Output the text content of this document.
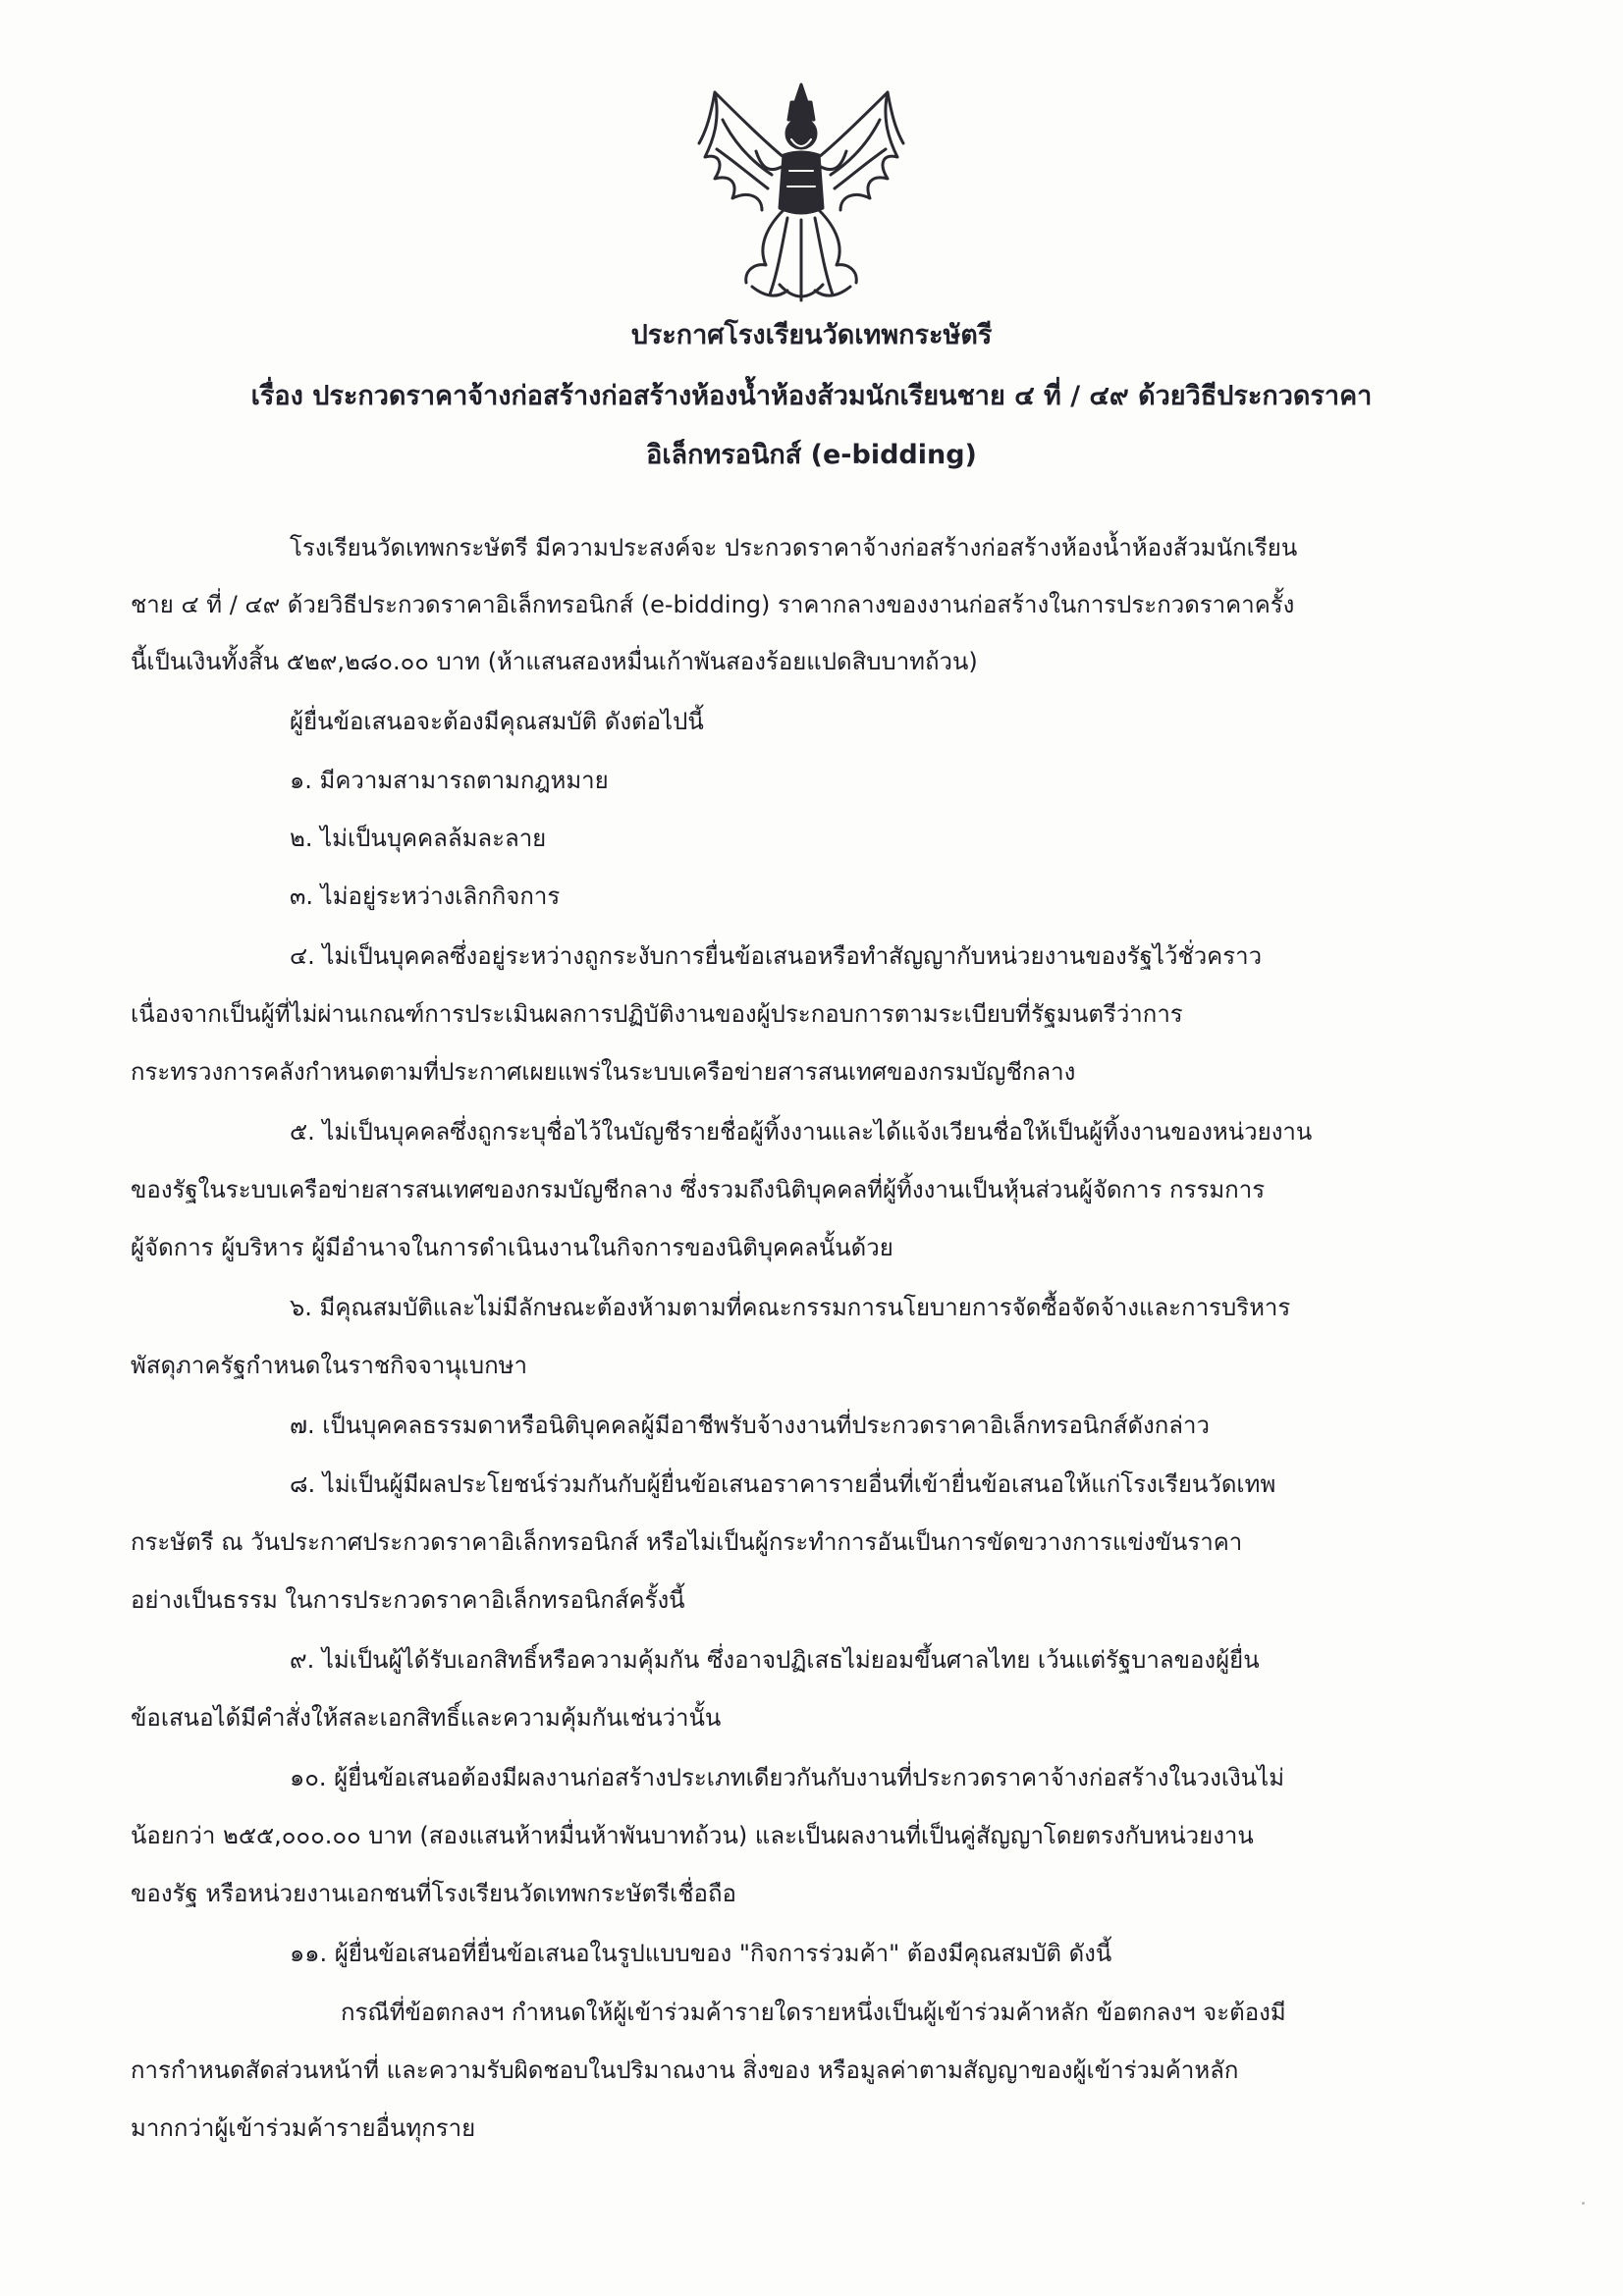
ประกาศโรงเรียนวัดเทพกระษัตรี
เรื่อง ประกวดราคาจ้างก่อสร้างก่อสร้างห้องน้ำห้องส้วมนักเรียนชาย ๔ ที่ / ๔๙ ด้วยวิธีประกวดราคา
อิเล็กทรอนิกส์ (e-bidding)
โรงเรียนวัดเทพกระษัตรี มีความประสงค์จะ ประกวดราคาจ้างก่อสร้างก่อสร้างห้องน้ำห้องส้วมนักเรียน
ชาย ๔ ที่ / ๔๙ ด้วยวิธีประกวดราคาอิเล็กทรอนิกส์ (e-bidding) ราคากลางของงานก่อสร้างในการประกวดราคาครั้ง
นี้เป็นเงินทั้งสิ้น ๕๒๙,๒๘๐.๐๐ บาท (ห้าแสนสองหมื่นเก้าพันสองร้อยแปดสิบบาทถ้วน)
ผู้ยื่นข้อเสนอจะต้องมีคุณสมบัติ ดังต่อไปนี้
๑. มีความสามารถตามกฎหมาย
๒. ไม่เป็นบุคคลล้มละลาย
๓. ไม่อยู่ระหว่างเลิกกิจการ
๔. ไม่เป็นบุคคลซึ่งอยู่ระหว่างถูกระงับการยื่นข้อเสนอหรือทำสัญญากับหน่วยงานของรัฐไว้ชั่วคราว
เนื่องจากเป็นผู้ที่ไม่ผ่านเกณฑ์การประเมินผลการปฏิบัติงานของผู้ประกอบการตามระเบียบที่รัฐมนตรีว่าการ
กระทรวงการคลังกำหนดตามที่ประกาศเผยแพร่ในระบบเครือข่ายสารสนเทศของกรมบัญชีกลาง
๕. ไม่เป็นบุคคลซึ่งถูกระบุชื่อไว้ในบัญชีรายชื่อผู้ทิ้งงานและได้แจ้งเวียนชื่อให้เป็นผู้ทิ้งงานของหน่วยงาน
ของรัฐในระบบเครือข่ายสารสนเทศของกรมบัญชีกลาง ซึ่งรวมถึงนิติบุคคลที่ผู้ทิ้งงานเป็นหุ้นส่วนผู้จัดการ กรรมการ
ผู้จัดการ ผู้บริหาร ผู้มีอำนาจในการดำเนินงานในกิจการของนิติบุคคลนั้นด้วย
๖. มีคุณสมบัติและไม่มีลักษณะต้องห้ามตามที่คณะกรรมการนโยบายการจัดซื้อจัดจ้างและการบริหาร
พัสดุภาครัฐกำหนดในราชกิจจานุเบกษา
๗. เป็นบุคคลธรรมดาหรือนิติบุคคลผู้มีอาชีพรับจ้างงานที่ประกวดราคาอิเล็กทรอนิกส์ดังกล่าว
๘. ไม่เป็นผู้มีผลประโยชน์ร่วมกันกับผู้ยื่นข้อเสนอราคารายอื่นที่เข้ายื่นข้อเสนอให้แก่โรงเรียนวัดเทพ
กระษัตรี ณ วันประกาศประกวดราคาอิเล็กทรอนิกส์ หรือไม่เป็นผู้กระทำการอันเป็นการขัดขวางการแข่งขันราคา
อย่างเป็นธรรม ในการประกวดราคาอิเล็กทรอนิกส์ครั้งนี้
๙. ไม่เป็นผู้ได้รับเอกสิทธิ์หรือความคุ้มกัน ซึ่งอาจปฏิเสธไม่ยอมขึ้นศาลไทย เว้นแต่รัฐบาลของผู้ยื่น
ข้อเสนอได้มีคำสั่งให้สละเอกสิทธิ์และความคุ้มกันเช่นว่านั้น
๑๐. ผู้ยื่นข้อเสนอต้องมีผลงานก่อสร้างประเภทเดียวกันกับงานที่ประกวดราคาจ้างก่อสร้างในวงเงินไม่
น้อยกว่า ๒๕๕,๐๐๐.๐๐ บาท (สองแสนห้าหมื่นห้าพันบาทถ้วน) และเป็นผลงานที่เป็นคู่สัญญาโดยตรงกับหน่วยงาน
ของรัฐ หรือหน่วยงานเอกชนที่โรงเรียนวัดเทพกระษัตรีเชื่อถือ
๑๑. ผู้ยื่นข้อเสนอที่ยื่นข้อเสนอในรูปแบบของ "กิจการร่วมค้า" ต้องมีคุณสมบัติ ดังนี้
กรณีที่ข้อตกลงฯ กำหนดให้ผู้เข้าร่วมค้ารายใดรายหนึ่งเป็นผู้เข้าร่วมค้าหลัก ข้อตกลงฯ จะต้องมี
การกำหนดสัดส่วนหน้าที่ และความรับผิดชอบในปริมาณงาน สิ่งของ หรือมูลค่าตามสัญญาของผู้เข้าร่วมค้าหลัก
มากกว่าผู้เข้าร่วมค้ารายอื่นทุกราย
